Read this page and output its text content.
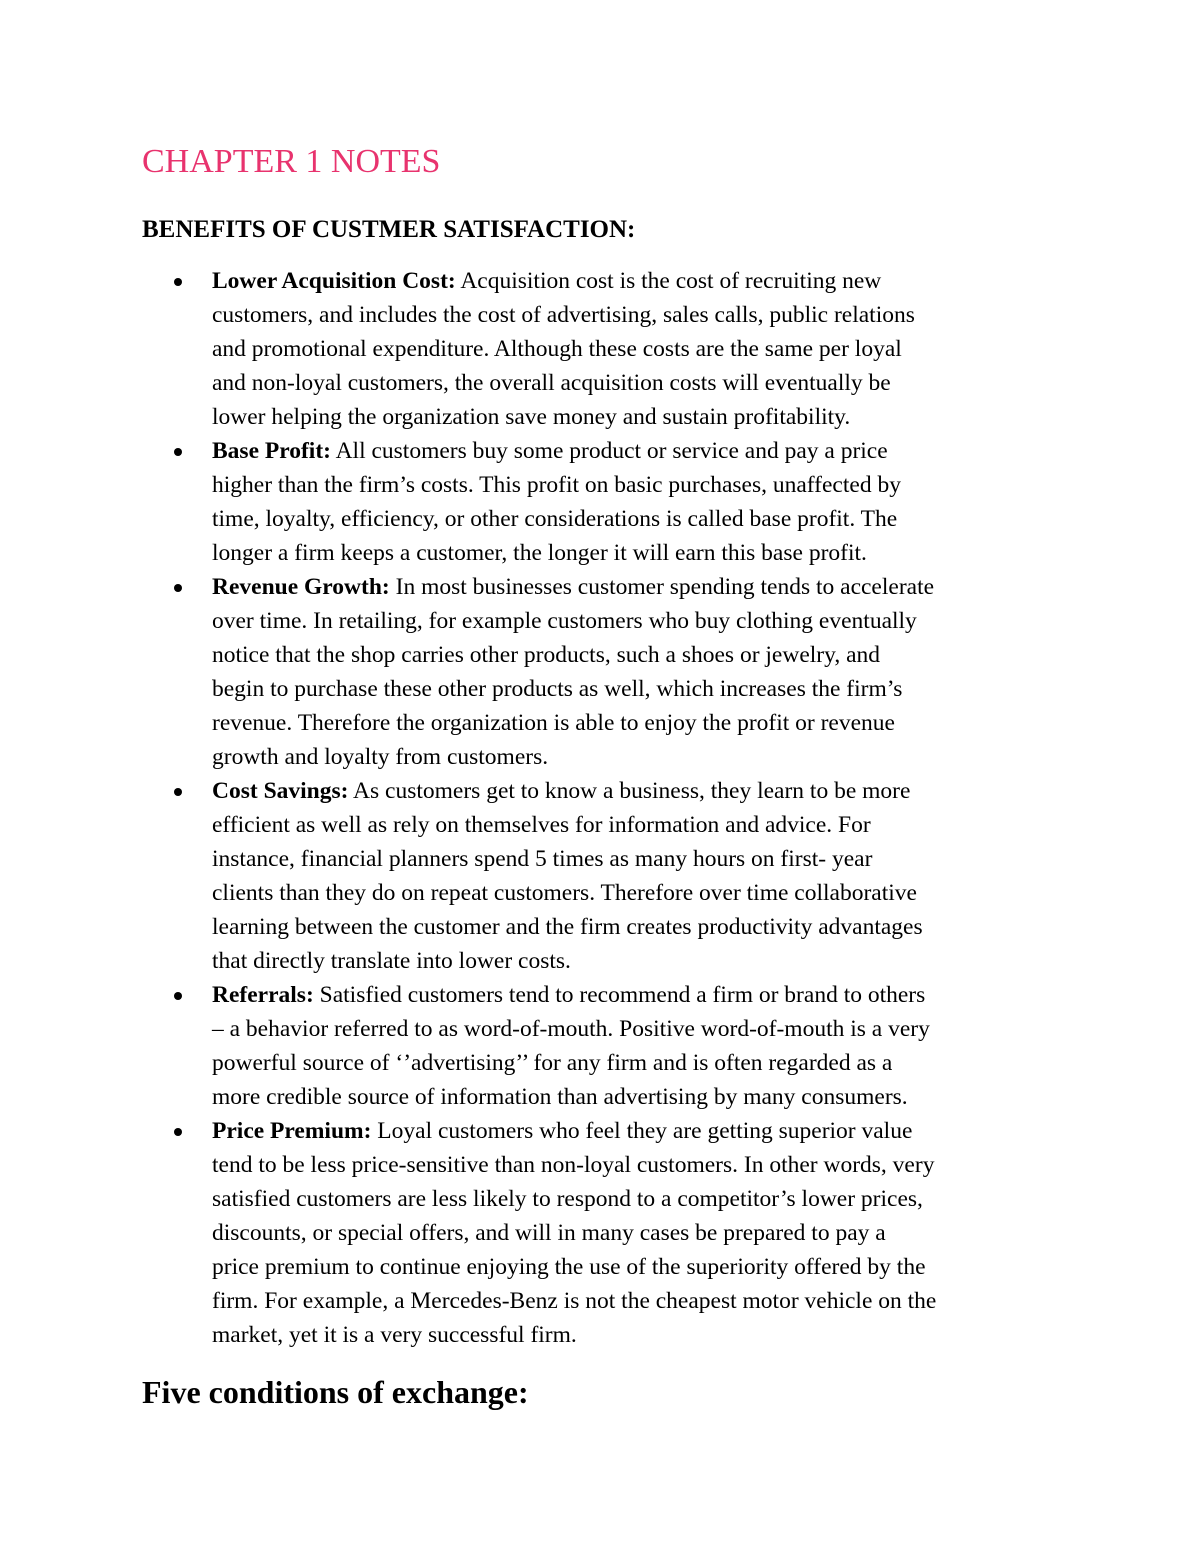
CHAPTER 1 NOTES
BENEFITS OF CUSTMER SATISFACTION:
Lower Acquisition Cost: Acquisition cost is the cost of recruiting new
customers, and includes the cost of advertising, sales calls, public relations
and promotional expenditure. Although these costs are the same per loyal
and non-loyal customers, the overall acquisition costs will eventually be
lower helping the organization save money and sustain profitability.
Base Profit: All customers buy some product or service and pay a price
higher than the firm’s costs. This profit on basic purchases, unaffected by
time, loyalty, efficiency, or other considerations is called base profit. The
longer a firm keeps a customer, the longer it will earn this base profit.
Revenue Growth: In most businesses customer spending tends to accelerate
over time. In retailing, for example customers who buy clothing eventually
notice that the shop carries other products, such a shoes or jewelry, and
begin to purchase these other products as well, which increases the firm’s
revenue. Therefore the organization is able to enjoy the profit or revenue
growth and loyalty from customers.
Cost Savings: As customers get to know a business, they learn to be more
efficient as well as rely on themselves for information and advice. For
instance, financial planners spend 5 times as many hours on first- year
clients than they do on repeat customers. Therefore over time collaborative
learning between the customer and the firm creates productivity advantages
that directly translate into lower costs.
Referrals: Satisfied customers tend to recommend a firm or brand to others
– a behavior referred to as word-of-mouth. Positive word-of-mouth is a very
powerful source of ‘’advertising’’ for any firm and is often regarded as a
more credible source of information than advertising by many consumers.
Price Premium: Loyal customers who feel they are getting superior value
tend to be less price-sensitive than non-loyal customers. In other words, very
satisfied customers are less likely to respond to a competitor’s lower prices,
discounts, or special offers, and will in many cases be prepared to pay a
price premium to continue enjoying the use of the superiority offered by the
firm. For example, a Mercedes-Benz is not the cheapest motor vehicle on the
market, yet it is a very successful firm.
Five conditions of exchange:
